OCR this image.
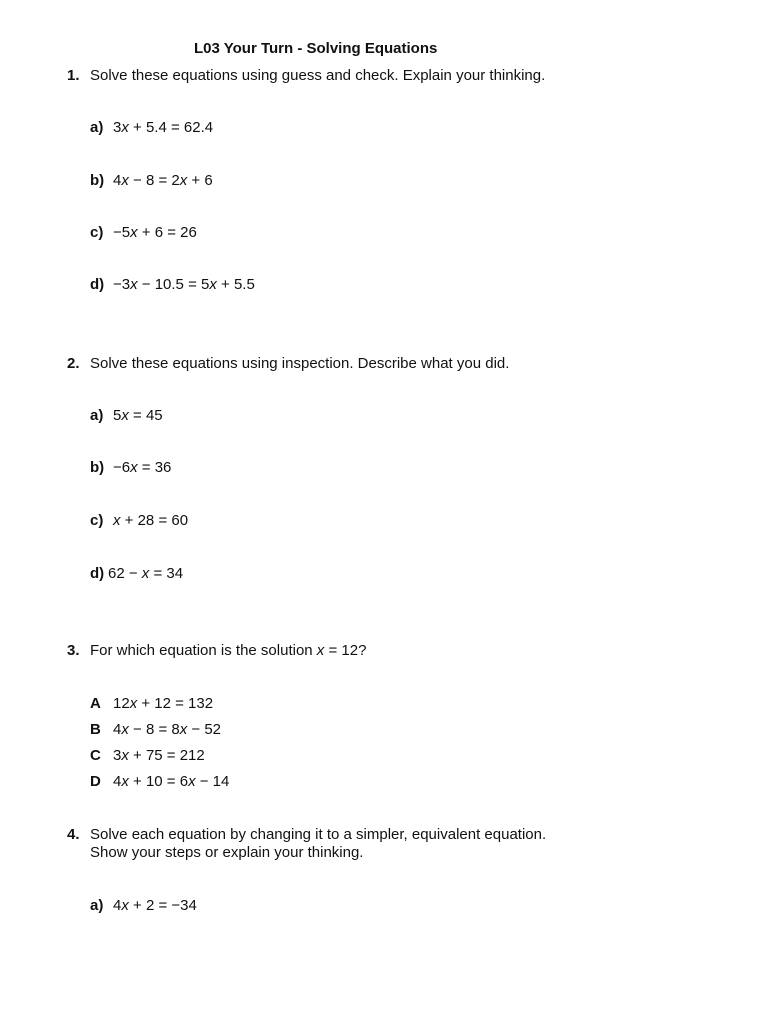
L03 Your Turn - Solving Equations
1. Solve these equations using guess and check. Explain your thinking.
a) 3x + 5.4 = 62.4
b) 4x − 8 = 2x + 6
c) −5x + 6 = 26
d) −3x − 10.5 = 5x + 5.5
2. Solve these equations using inspection. Describe what you did.
a) 5x = 45
b) −6x = 36
c) x + 28 = 60
d) 62 − x = 34
3. For which equation is the solution x = 12?
A 12x + 12 = 132
B 4x − 8 = 8x − 52
C 3x + 75 = 212
D 4x + 10 = 6x − 14
4. Solve each equation by changing it to a simpler, equivalent equation.
Show your steps or explain your thinking.
a) 4x + 2 = −34
